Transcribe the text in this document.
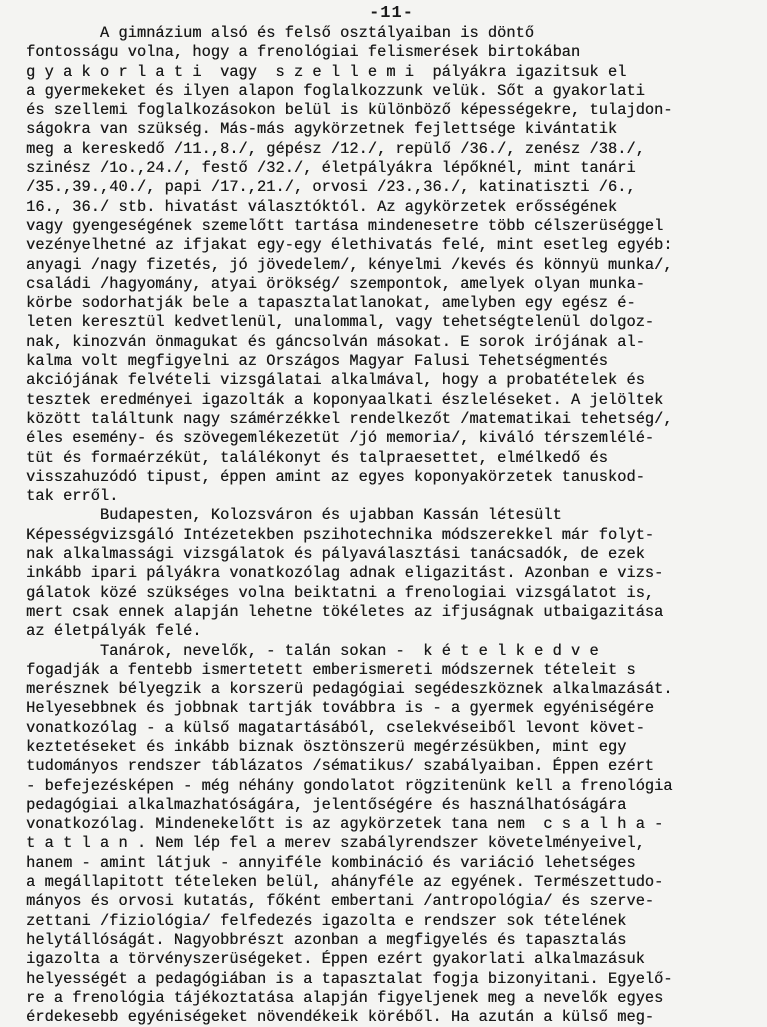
-11-
A gimnázium alsó és felső osztályaiban is döntő
fontosságu volna, hogy a frenológiai felismerések birtokában
g y a k o r l a t i  vagy  s z e l l e m i  pályákra igazitsuk el
a gyermekeket és ilyen alapon foglalkozzunk velük. Sőt a gyakorlati
és szellemi foglalkozásokon belül is különböző képességekre, tulajdon-
ságokra van szükség. Más-más agykörzetnek fejlettsége kivántatik
meg a kereskedő /11.,8./, gépész /12./, repülő /36./, zenész /38./,
szinész /1o.,24./, festő /32./, életpályákra lépőknél, mint tanári
/35.,39.,40./, papi /17.,21./, orvosi /23.,36./, katinatiszti /6.,
16., 36./ stb. hivatást választóktól. Az agykörzetek erősségének
vagy gyengeségének szemelőtt tartása mindenesetre több célszerüséggel
vezényelhetné az ifjakat egy-egy élethivatás felé, mint esetleg egyéb:
anyagi /nagy fizetés, jó jövedelem/, kényelmi /kevés és könnyü munka/,
családi /hagyomány, atyai örökség/ szempontok, amelyek olyan munka-
körbe sodorhatják bele a tapasztalatlanokat, amelyben egy egész é-
leten keresztül kedvetlenül, unalommal, vagy tehetségtelenül dolgoz-
nak, kinozván önmagukat és gáncsolván másokat. E sorok irójának al-
kalma volt megfigyelni az Országos Magyar Falusi Tehetségmentés
akciójának felvételi vizsgálatai alkalmával, hogy a probatételek és
tesztek eredményei igazolták a koponyaalkati észleléseket. A jelöltek
között találtunk nagy számérzékkel rendelkezőt /matematikai tehetség/,
éles esemény- és szövegemlékezetüt /jó memoria/, kiváló térszemlélé-
tüt és formaérzéküt, találékonyt és talpraesettet, elmélkedő és
visszahuzódó tipust, éppen amint az egyes koponyakörzetek tanuskod-
tak erről.
Budapesten, Kolozsváron és ujabban Kassán létesült
Képességvizsgáló Intézetekben pszihotechnika módszerekkel már folyt-
nak alkalmassági vizsgálatok és pályaválasztási tanácsadók, de ezek
inkább ipari pályákra vonatkozólag adnak eligazitást. Azonban e vizs-
gálatok közé szükséges volna beiktatni a frenologiai vizsgálatot is,
mert csak ennek alapján lehetne tökéletes az ifjuságnak utbaigazitása
az életpályák felé.
Tanárok, nevelők, - talán sokan -  k é t e l k e d v e
fogadják a fentebb ismertetett emberismereti módszernek tételeit s
merésznek bélyegzik a korszerü pedagógiai segédeszköznek alkalmazását.
Helyesebbnek és jobbnak tartják továbbra is - a gyermek egyéniségére
vonatkozólag - a külső magatartásából, cselekvéseiből levont követ-
keztetéseket és inkább biznak ösztönszerü megérzésükben, mint egy
tudományos rendszer táblázatos /sématikus/ szabályaiban. Éppen ezért
- befejezésképen - még néhány gondolatot rögzitenünk kell a frenológia
pedagógiai alkalmazhatóságára, jelentőségére és használhatóságára
vonatkozólag. Mindenekelőtt is az agykörzetek tana nem  c s a l h a -
t a t l a n . Nem lép fel a merev szabályrendszer követelményeivel,
hanem - amint látjuk - annyiféle kombináció és variáció lehetséges
a megállapitott tételeken belül, ahányféle az egyének. Természettudo-
mányos és orvosi kutatás, főként embertani /antropológia/ és szerve-
zettani /fiziológia/ felfedezés igazolta e rendszer sok tételének
helytállóságát. Nagyobbrészt azonban a megfigyelés és tapasztalás
igazolta a törvényszerüségeket. Éppen ezért gyakorlati alkalmazásuk
helyességét a pedagógiában is a tapasztalat fogja bizonyitani. Egyelő-
re a frenológia tájékoztatása alapján figyeljenek meg a nevelők egyes
érdekesebb egyéniségeket növendékeik köréből. Ha azután a külső meg-
